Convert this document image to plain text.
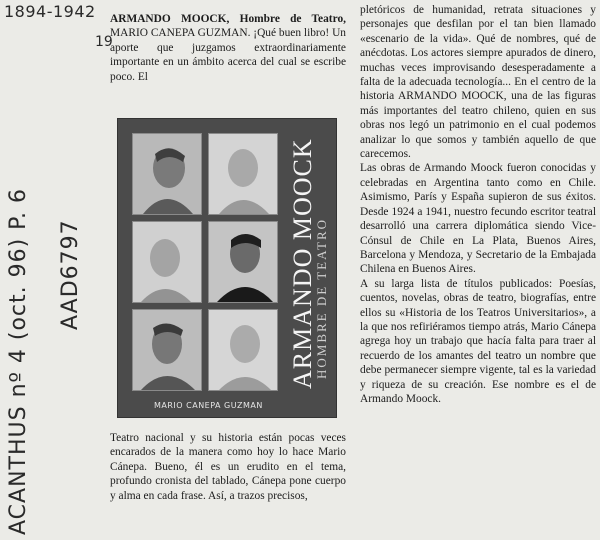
1894-1942
19
ACANTHUS nº 4 (oct. 96) P. 6 AAD6797

ARMANDO MOOCK, Hombre de Teatro, MARIO CANEPA GUZMAN. ¡Qué buen libro! Un aporte que juzgamos extraordinariamente importante en un ámbito acerca del cual se escribe poco. El

ARMANDO MOOCK
HOMBRE DE TEATRO
MARIO CANEPA GUZMAN

Teatro nacional y su historia están pocas veces encarados de la manera como hoy lo hace Mario Cánepa. Bueno, él es un erudito en el tema, profundo cronista del tablado, Cánepa pone cuerpo y alma en cada frase. Así, a trazos precisos,

pletóricos de humanidad, retrata situaciones y personajes que desfilan por el tan bien llamado «escenario de la vida». Qué de nombres, qué de anécdotas. Los actores siempre apurados de dinero, muchas veces improvisando desesperadamente a falta de la adecuada tecnología... En el centro de la historia ARMANDO MOOCK, una de las figuras más importantes del teatro chileno, quien en sus obras nos legó un patrimonio en el cual podemos analizar lo que somos y también aquello de que carecemos.

Las obras de Armando Moock fueron conocidas y celebradas en Argentina tanto como en Chile. Asimismo, París y España supieron de sus éxitos. Desde 1924 a 1941, nuestro fecundo escritor teatral desarrolló una carrera diplomática siendo Vice-Cónsul de Chile en La Plata, Buenos Aires, Barcelona y Mendoza, y Secretario de la Embajada Chilena en Buenos Aires.

A su larga lista de títulos publicados: Poesías, cuentos, novelas, obras de teatro, biografías, entre ellos su «Historia de los Teatros Universitarios», a la que nos refiriéramos tiempo atrás, Mario Cánepa agrega hoy un trabajo que hacía falta para traer al recuerdo de los amantes del teatro un nombre que debe permanecer siempre vigente, tal es la variedad y riqueza de su creación. Ese nombre es el de Armando Moock.
